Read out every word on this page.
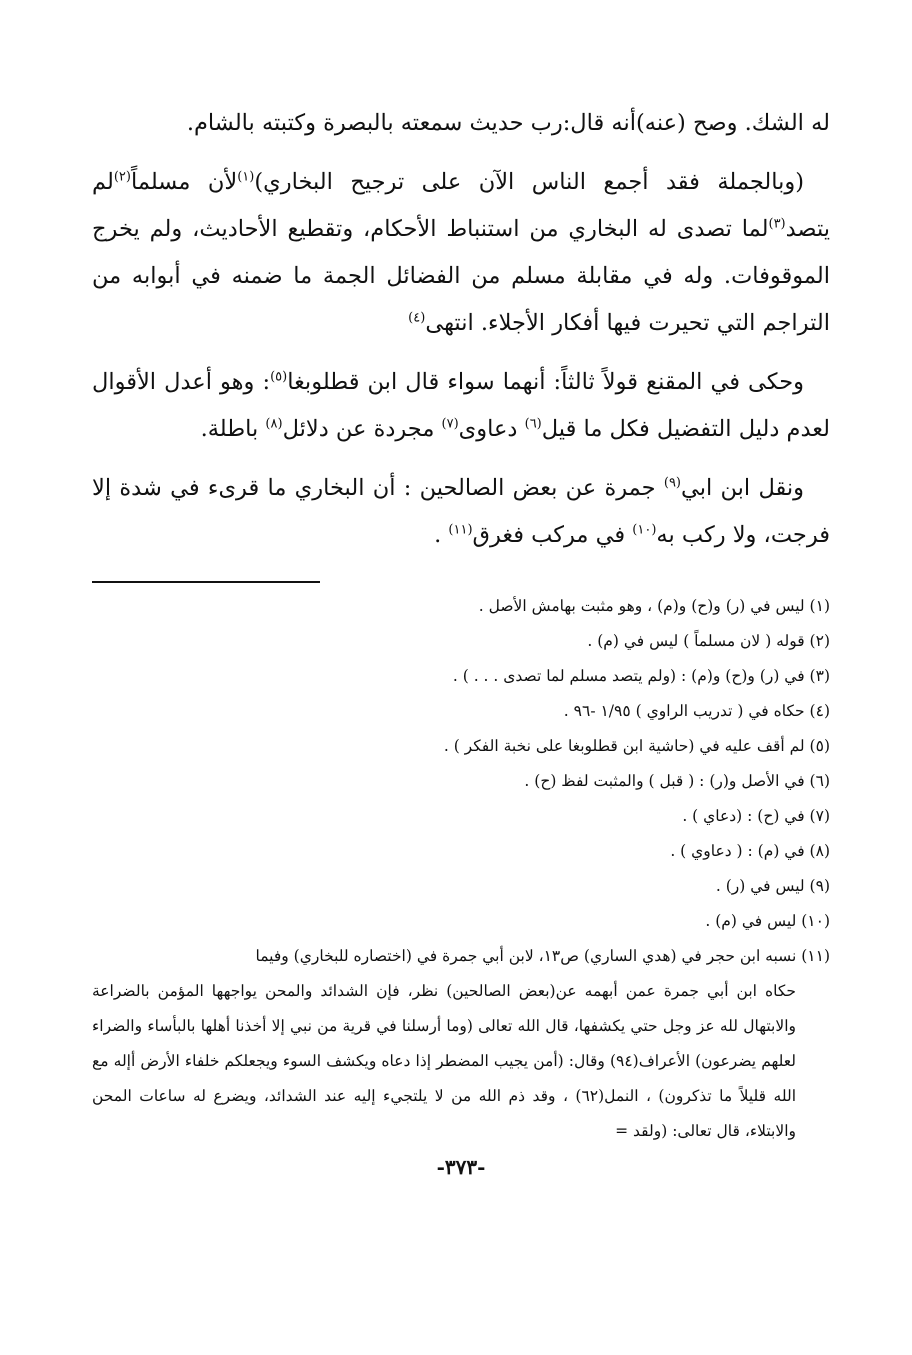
له الشك. وصح (عنه)أنه قال:رب حديث سمعته بالبصرة وكتبته بالشام.

(وبالجملة فقد أجمع الناس الآن على ترجيح البخاري)$^{(١)}$لأن مسلماً$^{(٢)}$لم يتصد$^{(٣)}$لما تصدى له البخاري من استنباط الأحكام، وتقطيع الأحاديث، ولم يخرج الموقوفات. وله في مقابلة مسلم من الفضائل الجمة ما ضمنه في أبوابه من التراجم التي تحيرت فيها أفكار الأجلاء. انتهى$^{(٤)}$

وحكى في المقنع قولاً ثالثاً: أنهما سواء قال ابن قطلوبغا$^{(٥)}$: وهو أعدل الأقوال لعدم دليل التفضيل فكل ما قيل$^{(٦)}$ دعاوى$^{(٧)}$ مجردة عن دلائل$^{(٨)}$ باطلة.

ونقل ابن ابي$^{(٩)}$ جمرة عن بعض الصالحين : أن البخاري ما قرىء في شدة إلا فرجت، ولا ركب به$^{(١٠)}$ في مركب فغرق$^{(١١)}$ .

(١) ليس في (ر) و(ح) و(م) ، وهو مثبت بهامش الأصل .

(٢) قوله ( لان مسلماً ) ليس في (م) .

(٣) في (ر) و(ح) و(م) : (ولم يتصد مسلم لما تصدى . . . ) .

(٤) حكاه في ( تدريب الراوي ) ١/٩٥ -٩٦ .

(٥) لم أقف عليه في (حاشية ابن قطلوبغا على نخبة الفكر ) .

(٦) في الأصل و(ر) : ( قبل ) والمثبت لفظ (ح) .

(٧) في (ح) : (دعاي ) .

(٨) في (م) : ( دعاوي ) .

(٩) ليس في (ر) .

(١٠) ليس في (م) .

(١١) نسبه ابن حجر في (هدي الساري) ص١٣، لابن أبي جمرة في (اختصاره للبخاري) وفيما
حكاه ابن أبي جمرة عمن أبهمه عن(بعض الصالحين) نظر، فإن الشدائد والمحن يواجهها المؤمن بالضراعة والابتهال لله عز وجل حتي يكشفها، قال الله تعالى (وما أرسلنا في قرية من نبي إلا أخذنا أهلها بالبأساء والضراء لعلهم يضرعون) الأعراف(٩٤) وقال: (أمن يجيب المضطر إذا دعاه ويكشف السوء ويجعلكم خلفاء الأرض أإله مع الله قليلاً ما تذكرون) ، النمل(٦٢) ، وقد ذم الله من لا يلتجيء إليه عند الشدائد، ويضرع له ساعات المحن والابتلاء، قال تعالى: (ولقد =
-٣٧٣-
